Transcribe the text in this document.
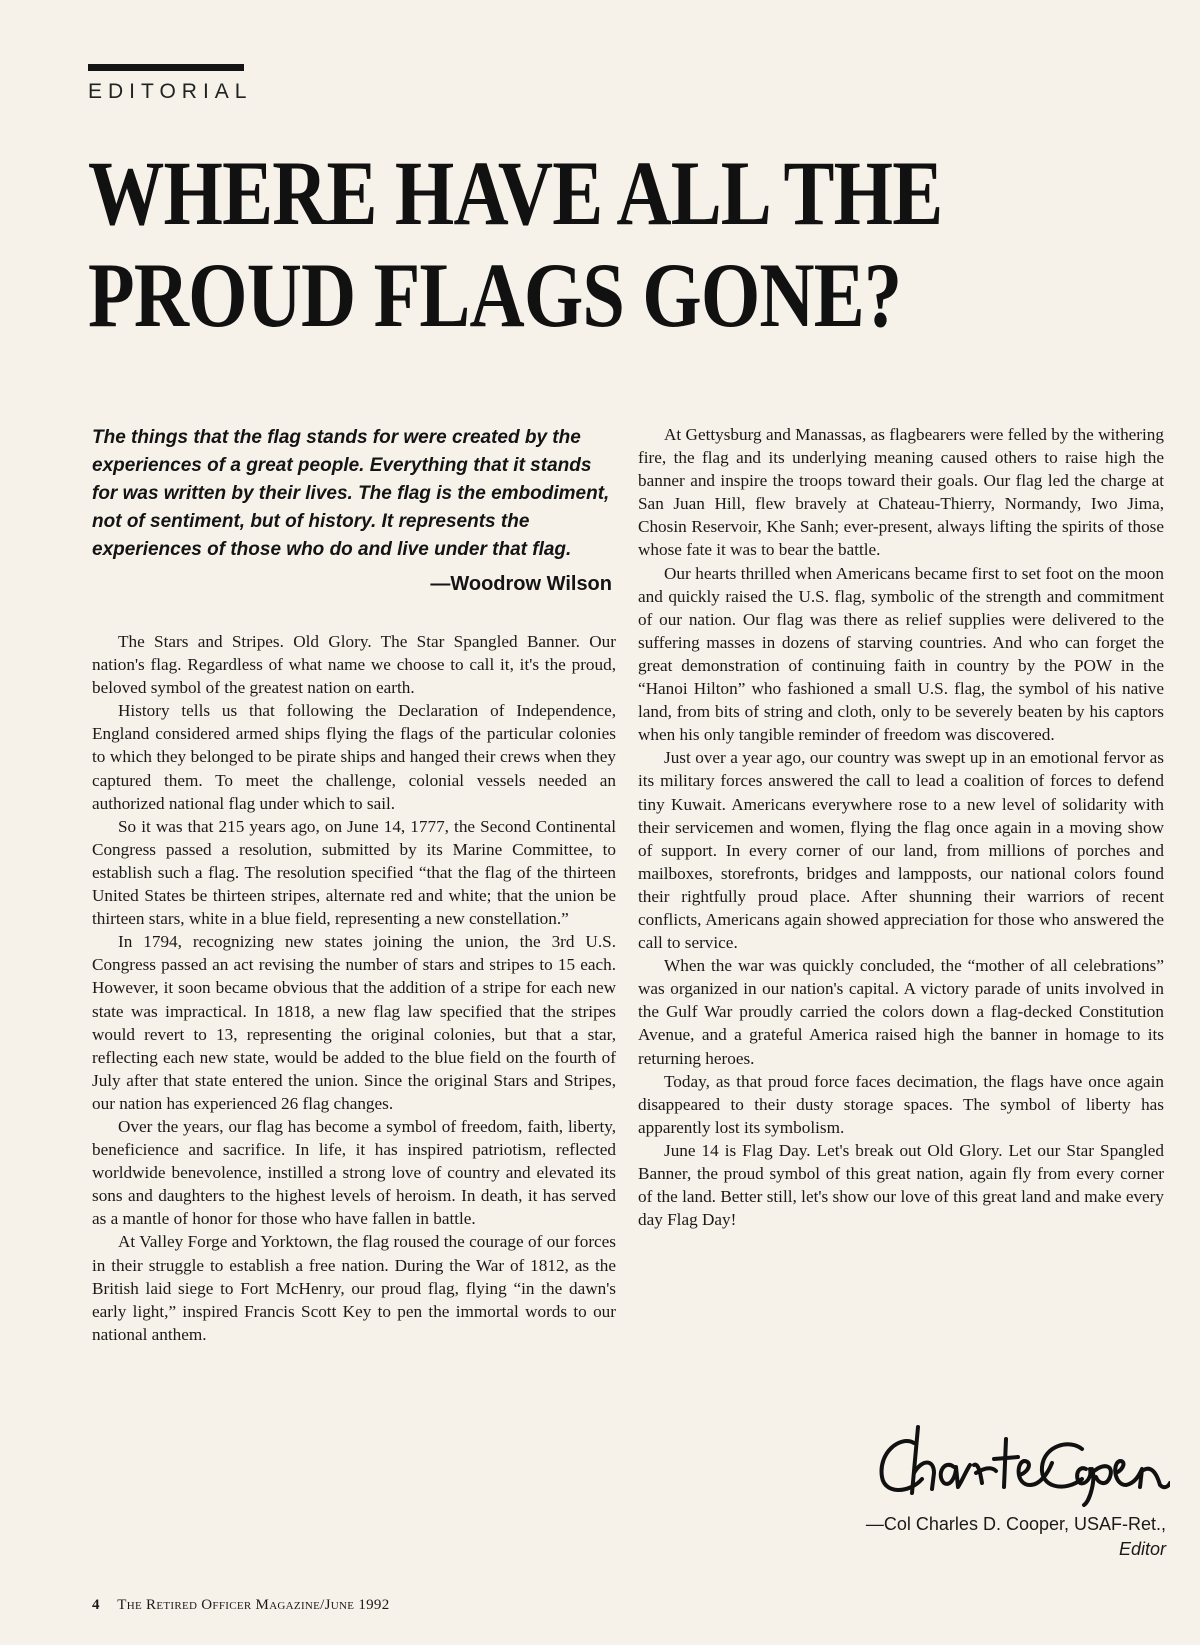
EDITORIAL
WHERE HAVE ALL THE
PROUD FLAGS GONE?

The things that the flag stands for were created by the experiences of a great people. Everything that it stands for was written by their lives. The flag is the embodiment, not of sentiment, but of history. It represents the experiences of those who do and live under that flag.

—Woodrow Wilson

The Stars and Stripes. Old Glory. The Star Spangled Banner. Our nation's flag. Regardless of what name we choose to call it, it's the proud, beloved symbol of the greatest nation on earth.

History tells us that following the Declaration of Independence, England considered armed ships flying the flags of the particular colonies to which they belonged to be pirate ships and hanged their crews when they captured them. To meet the challenge, colonial vessels needed an authorized national flag under which to sail.

So it was that 215 years ago, on June 14, 1777, the Second Continental Congress passed a resolution, submitted by its Marine Committee, to establish such a flag. The resolution specified “that the flag of the thirteen United States be thirteen stripes, alternate red and white; that the union be thirteen stars, white in a blue field, representing a new constellation.”

In 1794, recognizing new states joining the union, the 3rd U.S. Congress passed an act revising the number of stars and stripes to 15 each. However, it soon became obvious that the addition of a stripe for each new state was impractical. In 1818, a new flag law specified that the stripes would revert to 13, representing the original colonies, but that a star, reflecting each new state, would be added to the blue field on the fourth of July after that state entered the union. Since the original Stars and Stripes, our nation has experienced 26 flag changes.

Over the years, our flag has become a symbol of freedom, faith, liberty, beneficience and sacrifice. In life, it has inspired patriotism, reflected worldwide benevolence, instilled a strong love of country and elevated its sons and daughters to the highest levels of heroism. In death, it has served as a mantle of honor for those who have fallen in battle.

At Valley Forge and Yorktown, the flag roused the courage of our forces in their struggle to establish a free nation. During the War of 1812, as the British laid siege to Fort McHenry, our proud flag, flying “in the dawn's early light,” inspired Francis Scott Key to pen the immortal words to our national anthem.

At Gettysburg and Manassas, as flagbearers were felled by the withering fire, the flag and its underlying meaning caused others to raise high the banner and inspire the troops toward their goals. Our flag led the charge at San Juan Hill, flew bravely at Chateau-Thierry, Normandy, Iwo Jima, Chosin Reservoir, Khe Sanh; ever-present, always lifting the spirits of those whose fate it was to bear the battle.

Our hearts thrilled when Americans became first to set foot on the moon and quickly raised the U.S. flag, symbolic of the strength and commitment of our nation. Our flag was there as relief supplies were delivered to the suffering masses in dozens of starving countries. And who can forget the great demonstration of continuing faith in country by the POW in the “Hanoi Hilton” who fashioned a small U.S. flag, the symbol of his native land, from bits of string and cloth, only to be severely beaten by his captors when his only tangible reminder of freedom was discovered.

Just over a year ago, our country was swept up in an emotional fervor as its military forces answered the call to lead a coalition of forces to defend tiny Kuwait. Americans everywhere rose to a new level of solidarity with their servicemen and women, flying the flag once again in a moving show of support. In every corner of our land, from millions of porches and mailboxes, storefronts, bridges and lampposts, our national colors found their rightfully proud place. After shunning their warriors of recent conflicts, Americans again showed appreciation for those who answered the call to service.

When the war was quickly concluded, the “mother of all celebrations” was organized in our nation's capital. A victory parade of units involved in the Gulf War proudly carried the colors down a flag-decked Constitution Avenue, and a grateful America raised high the banner in homage to its returning heroes.

Today, as that proud force faces decimation, the flags have once again disappeared to their dusty storage spaces. The symbol of liberty has apparently lost its symbolism.

June 14 is Flag Day. Let's break out Old Glory. Let our Star Spangled Banner, the proud symbol of this great nation, again fly from every corner of the land. Better still, let's show our love of this great land and make every day Flag Day!

—Col Charles D. Cooper, USAF-Ret.,
Editor
4 The Retired Officer Magazine/June 1992
